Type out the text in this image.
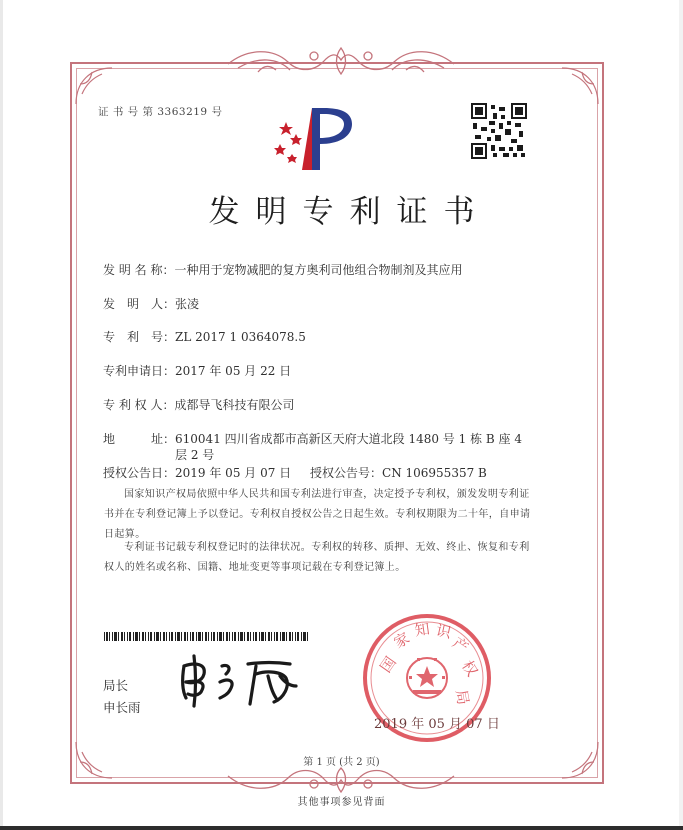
证 书 号 第 3363219 号
发明专利证书
发 明 名 称：一种用于宠物减肥的复方奥利司他组合物制剂及其应用
发　明　人：张凌
专　利　号：ZL 2017 1 0364078.5
专利申请日：2017 年 05 月 22 日
专 利 权 人：成都导飞科技有限公司
地　　　址：610041 四川省成都市高新区天府大道北段 1480 号 1 栋 B 座 4
层 2 号
授权公告日：2019 年 05 月 07 日 授权公告号：CN 106955357 B
国家知识产权局依照中华人民共和国专利法进行审查，决定授予专利权，颁发发明专利证书并在专利登记簿上予以登记。专利权自授权公告之日起生效。专利权期限为二十年，自申请日起算。
专利证书记载专利权登记时的法律状况。专利权的转移、质押、无效、终止、恢复和专利权人的姓名或名称、国籍、地址变更等事项记载在专利登记簿上。
局长
申长雨
国
家 知 识
产
权
局
2019 年 05 月 07 日
第 1 页 (共 2 页)
其他事项参见背面
